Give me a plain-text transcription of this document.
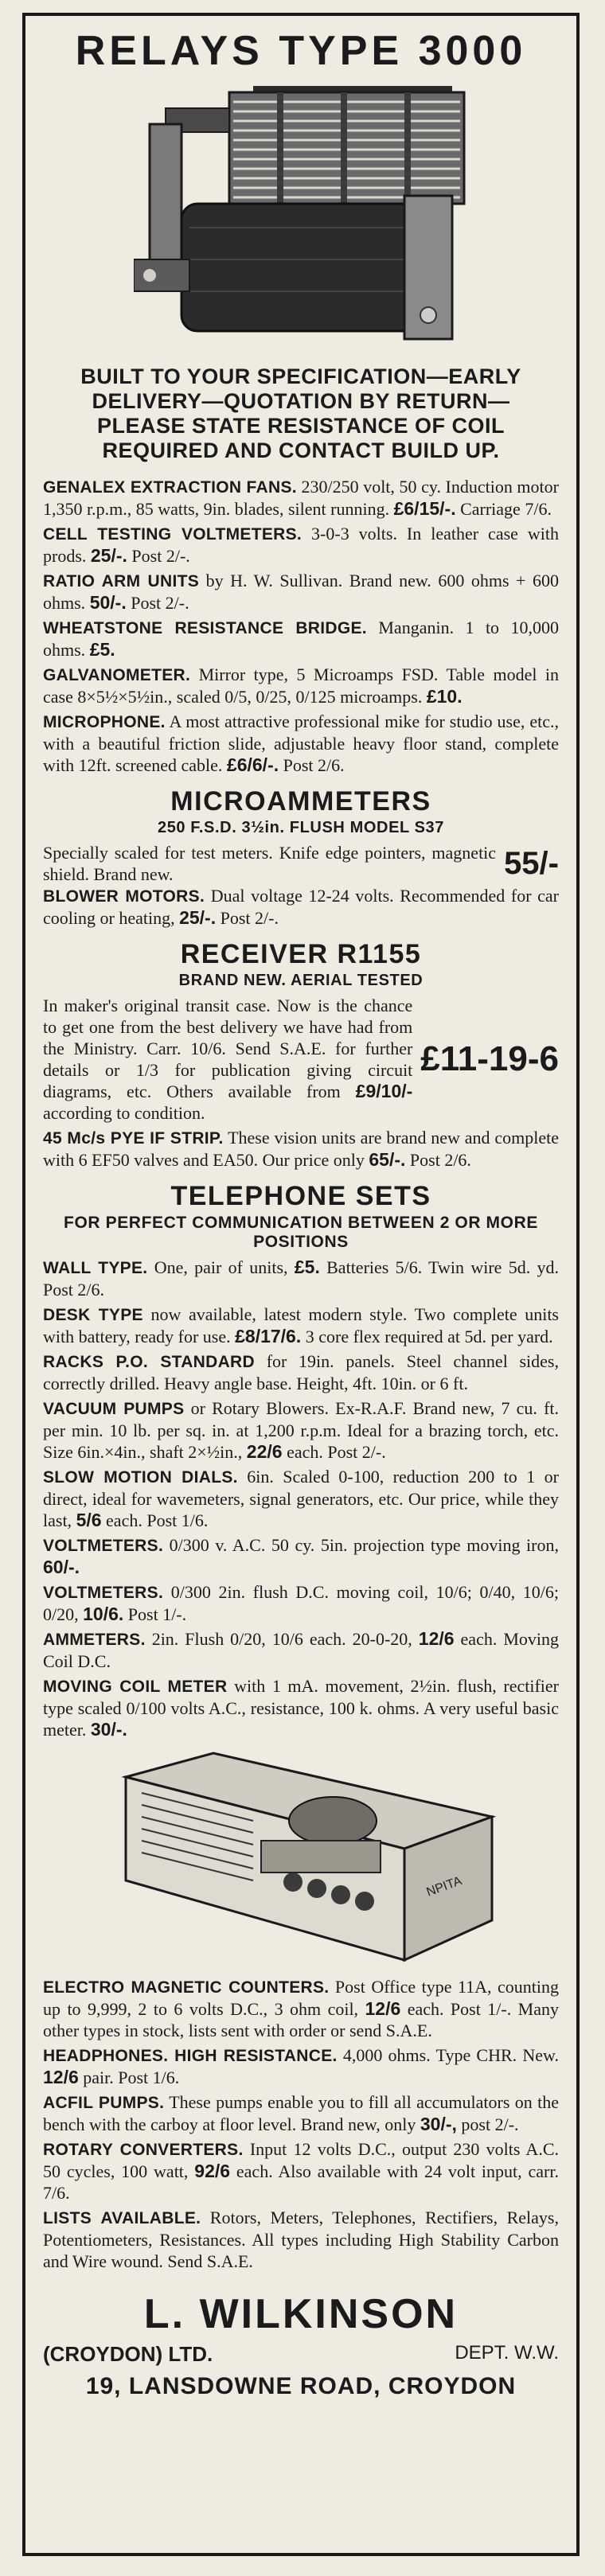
RELAYS TYPE 3000
BUILT TO YOUR SPECIFICATION—EARLY DELIVERY—QUOTATION BY RETURN—PLEASE STATE RESISTANCE OF COIL REQUIRED AND CONTACT BUILD UP.

GENALEX EXTRACTION FANS. 230/250 volt, 50 cy. Induction motor 1,350 r.p.m., 85 watts, 9in. blades, silent running. £6/15/-. Carriage 7/6.

CELL TESTING VOLTMETERS. 3-0-3 volts. In leather case with prods. 25/-. Post 2/-.

RATIO ARM UNITS by H. W. Sullivan. Brand new. 600 ohms + 600 ohms. 50/-. Post 2/-.

WHEATSTONE RESISTANCE BRIDGE. Manganin. 1 to 10,000 ohms. £5.

GALVANOMETER. Mirror type, 5 Microamps FSD. Table model in case 8×5½×5½in., scaled 0/5, 0/25, 0/125 microamps. £10.

MICROPHONE. A most attractive professional mike for studio use, etc., with a beautiful friction slide, adjustable heavy floor stand, complete with 12ft. screened cable. £6/6/-. Post 2/6.

MICROAMMETERS
250 F.S.D. 3½in. FLUSH MODEL S37

Specially scaled for test meters. Knife edge pointers, magnetic shield. Brand new.	55/-

BLOWER MOTORS. Dual voltage 12-24 volts. Recommended for car cooling or heating, 25/-. Post 2/-.

RECEIVER R1155
BRAND NEW. AERIAL TESTED

In maker's original transit case. Now is the chance to get one from the best delivery we have had from the Ministry. Carr. 10/6. Send S.A.E. for further details or 1/3 for publication giving circuit diagrams, etc. Others available from £9/10/- according to condition.

£11-19-6

45 Mc/s PYE IF STRIP. These vision units are brand new and complete with 6 EF50 valves and EA50. Our price only 65/-. Post 2/6.

TELEPHONE SETS
FOR PERFECT COMMUNICATION BETWEEN 2 OR MORE POSITIONS

WALL TYPE. One, pair of units, £5. Batteries 5/6. Twin wire 5d. yd. Post 2/6.

DESK TYPE now available, latest modern style. Two complete units with battery, ready for use. £8/17/6. 3 core flex required at 5d. per yard.

RACKS P.O. STANDARD for 19in. panels. Steel channel sides, correctly drilled. Heavy angle base. Height, 4ft. 10in. or 6 ft.

VACUUM PUMPS or Rotary Blowers. Ex-R.A.F. Brand new, 7 cu. ft. per min. 10 lb. per sq. in. at 1,200 r.p.m. Ideal for a brazing torch, etc. Size 6in.×4in., shaft 2×½in., 22/6 each. Post 2/-.

SLOW MOTION DIALS. 6in. Scaled 0-100, reduction 200 to 1 or direct, ideal for wavemeters, signal generators, etc. Our price, while they last, 5/6 each. Post 1/6.

VOLTMETERS. 0/300 v. A.C. 50 cy. 5in. projection type moving iron, 60/-.

VOLTMETERS. 0/300 2in. flush D.C. moving coil, 10/6; 0/40, 10/6; 0/20, 10/6. Post 1/-.

AMMETERS. 2in. Flush 0/20, 10/6 each. 20-0-20, 12/6 each. Moving Coil D.C.

MOVING COIL METER with 1 mA. movement, 2½in. flush, rectifier type scaled 0/100 volts A.C., resistance, 100 k. ohms. A very useful basic meter. 30/-.

NPITA

ELECTRO MAGNETIC COUNTERS. Post Office type 11A, counting up to 9,999, 2 to 6 volts D.C., 3 ohm coil, 12/6 each. Post 1/-. Many other types in stock, lists sent with order or send S.A.E.

HEADPHONES. HIGH RESISTANCE. 4,000 ohms. Type CHR. New. 12/6 pair. Post 1/6.

ACFIL PUMPS. These pumps enable you to fill all accumulators on the bench with the carboy at floor level. Brand new, only 30/-, post 2/-.

ROTARY CONVERTERS. Input 12 volts D.C., output 230 volts A.C. 50 cycles, 100 watt, 92/6 each. Also available with 24 volt input, carr. 7/6.

LISTS AVAILABLE. Rotors, Meters, Telephones, Rectifiers, Relays, Potentiometers, Resistances. All types including High Stability Carbon and Wire wound. Send S.A.E.

L. WILKINSON
(CROYDON) LTD.	DEPT. W.W.
19, LANSDOWNE ROAD, CROYDON
